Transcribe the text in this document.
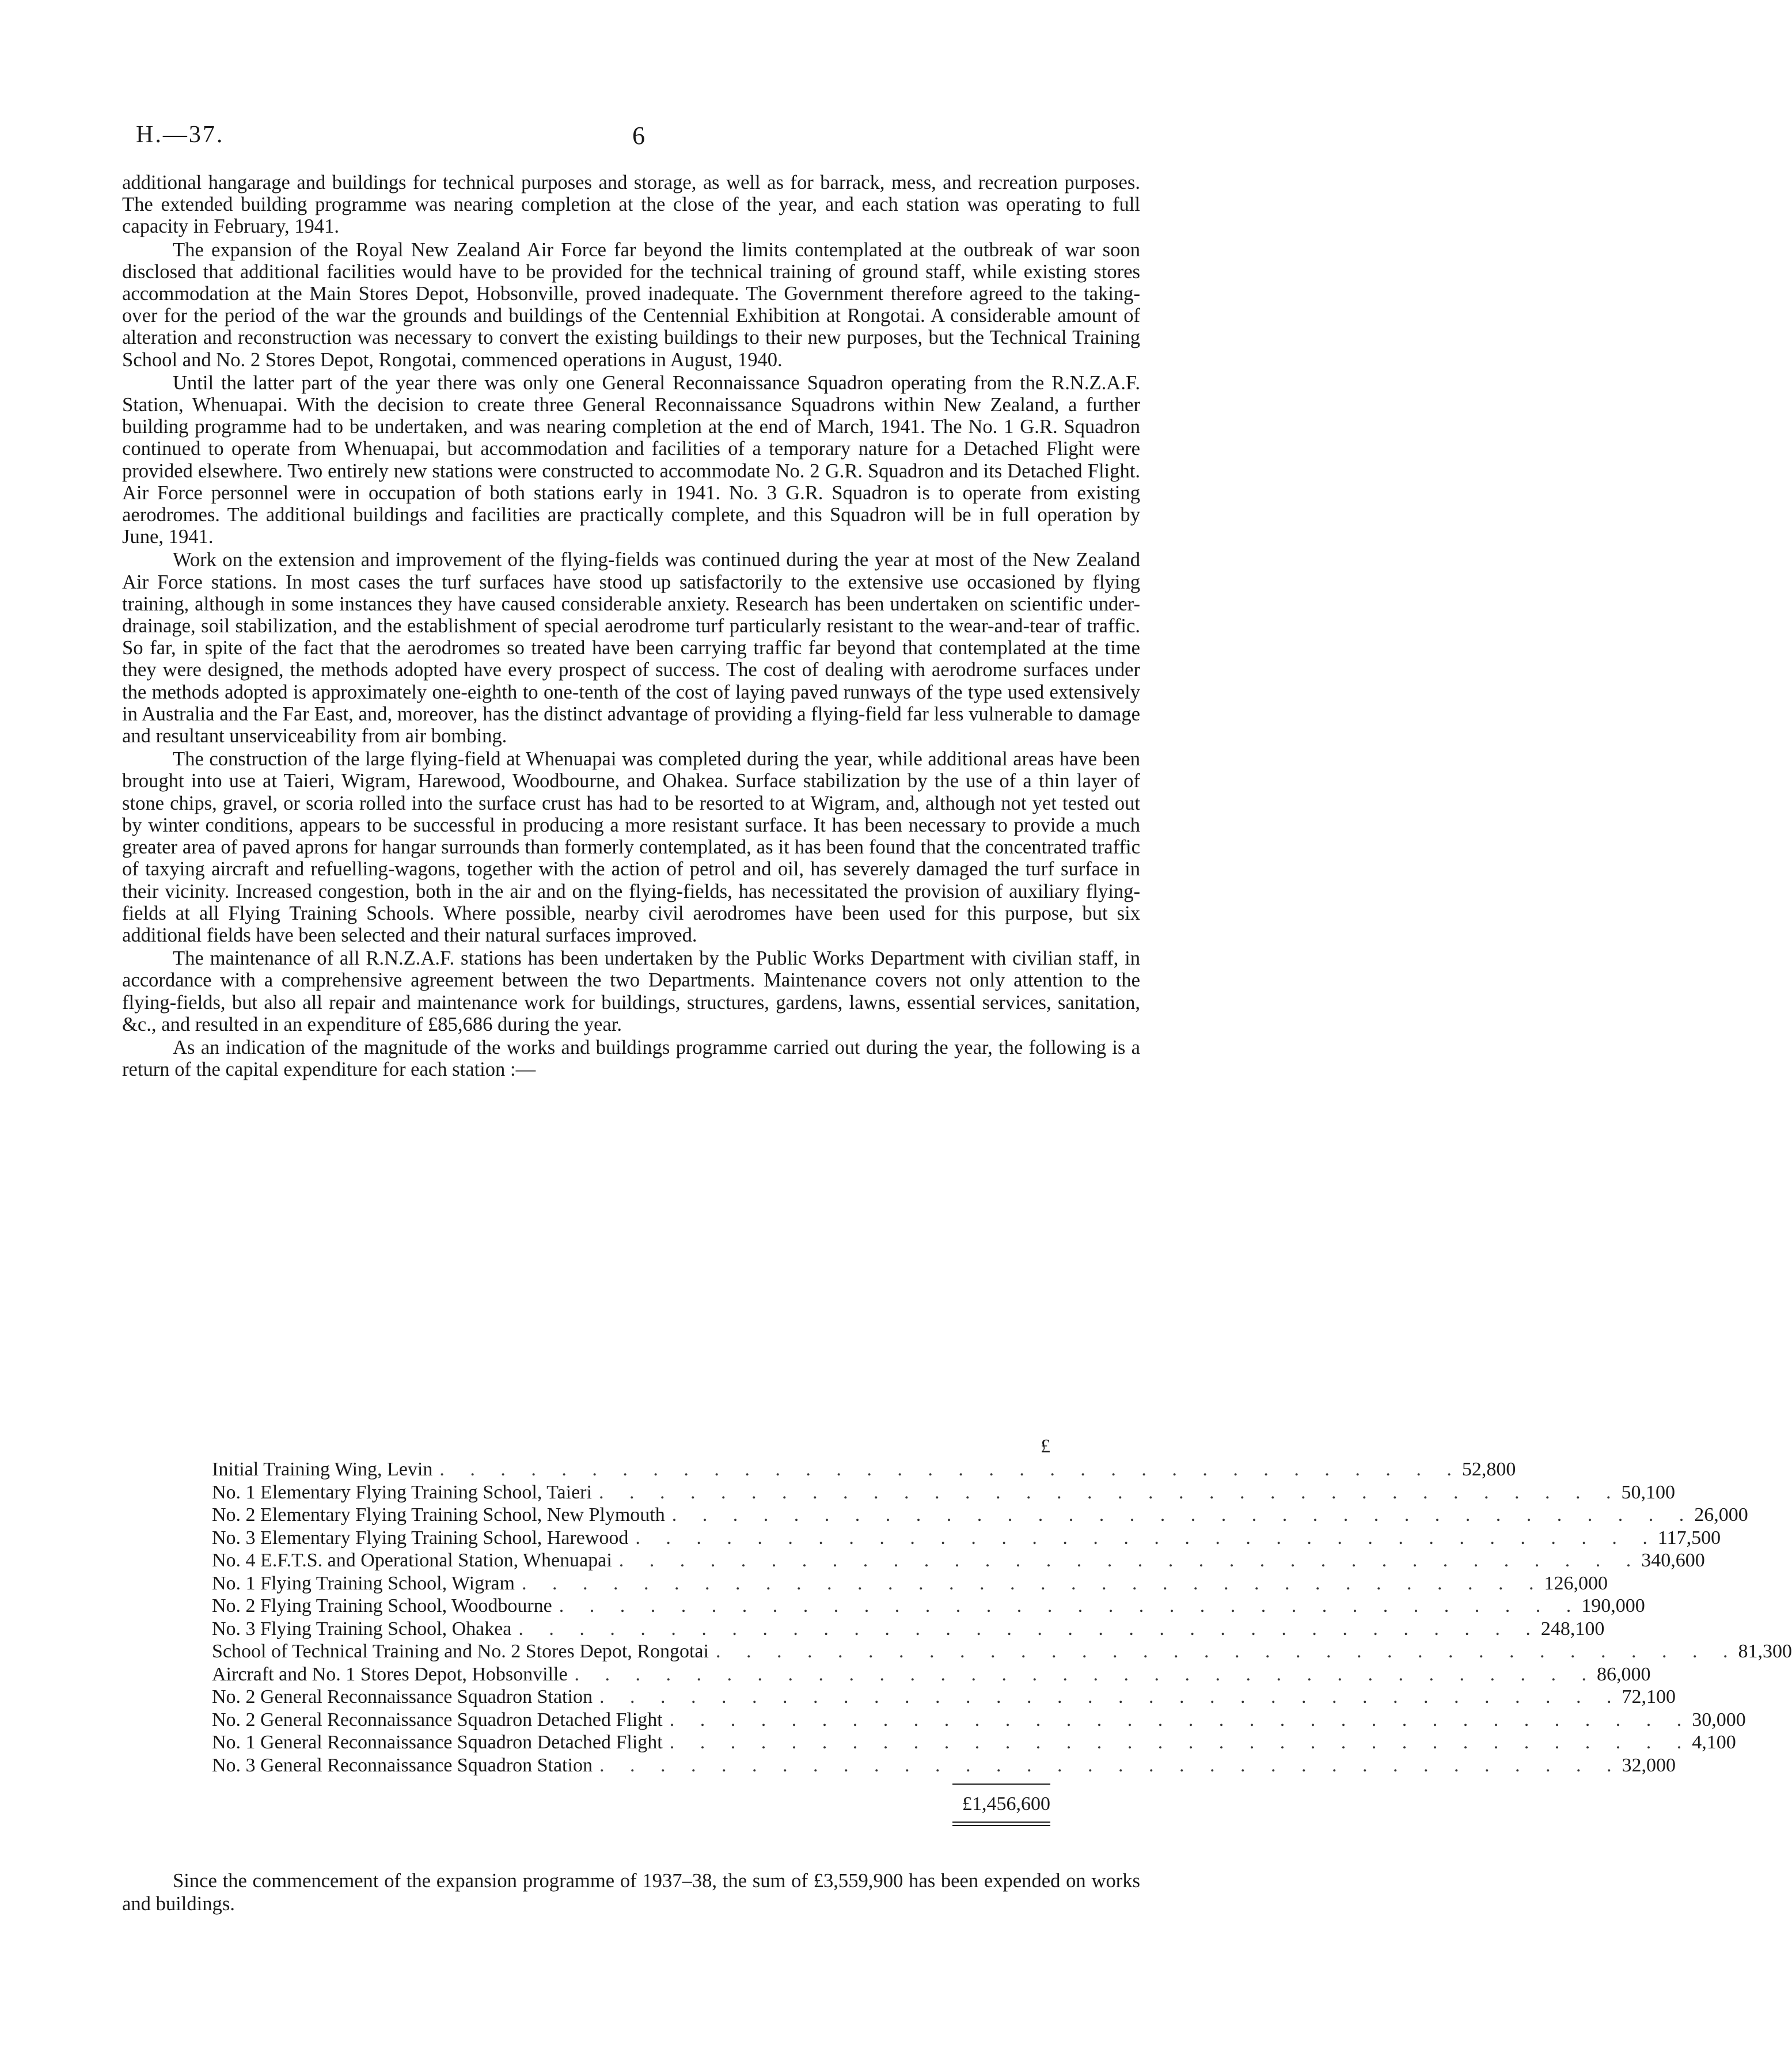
H.—37.	6

additional hangarage and buildings for technical purposes and storage, as well as for barrack, mess, and recreation purposes. The extended building programme was nearing completion at the close of the year, and each station was operating to full capacity in February, 1941.

The expansion of the Royal New Zealand Air Force far beyond the limits contemplated at the outbreak of war soon disclosed that additional facilities would have to be provided for the technical training of ground staff, while existing stores accommodation at the Main Stores Depot, Hobsonville, proved inadequate. The Government therefore agreed to the taking-over for the period of the war the grounds and buildings of the Centennial Exhibition at Rongotai. A considerable amount of alteration and reconstruction was necessary to convert the existing buildings to their new purposes, but the Technical Training School and No. 2 Stores Depot, Rongotai, commenced operations in August, 1940.

Until the latter part of the year there was only one General Reconnaissance Squadron operating from the R.N.Z.A.F. Station, Whenuapai. With the decision to create three General Reconnaissance Squadrons within New Zealand, a further building programme had to be undertaken, and was nearing completion at the end of March, 1941. The No. 1 G.R. Squadron continued to operate from Whenuapai, but accommodation and facilities of a temporary nature for a Detached Flight were provided elsewhere. Two entirely new stations were constructed to accommodate No. 2 G.R. Squadron and its Detached Flight. Air Force personnel were in occupation of both stations early in 1941. No. 3 G.R. Squadron is to operate from existing aerodromes. The additional buildings and facilities are practically complete, and this Squadron will be in full operation by June, 1941.

Work on the extension and improvement of the flying-fields was continued during the year at most of the New Zealand Air Force stations. In most cases the turf surfaces have stood up satisfactorily to the extensive use occasioned by flying training, although in some instances they have caused considerable anxiety. Research has been undertaken on scientific under-drainage, soil stabilization, and the establishment of special aerodrome turf particularly resistant to the wear-and-tear of traffic. So far, in spite of the fact that the aerodromes so treated have been carrying traffic far beyond that contemplated at the time they were designed, the methods adopted have every prospect of success. The cost of dealing with aerodrome surfaces under the methods adopted is approximately one-eighth to one-tenth of the cost of laying paved runways of the type used extensively in Australia and the Far East, and, moreover, has the distinct advantage of providing a flying-field far less vulnerable to damage and resultant unserviceability from air bombing.

The construction of the large flying-field at Whenuapai was completed during the year, while additional areas have been brought into use at Taieri, Wigram, Harewood, Woodbourne, and Ohakea. Surface stabilization by the use of a thin layer of stone chips, gravel, or scoria rolled into the surface crust has had to be resorted to at Wigram, and, although not yet tested out by winter conditions, appears to be successful in producing a more resistant surface. It has been necessary to provide a much greater area of paved aprons for hangar surrounds than formerly contemplated, as it has been found that the concentrated traffic of taxying aircraft and refuelling-wagons, together with the action of petrol and oil, has severely damaged the turf surface in their vicinity. Increased congestion, both in the air and on the flying-fields, has necessitated the provision of auxiliary flying-fields at all Flying Training Schools. Where possible, nearby civil aerodromes have been used for this purpose, but six additional fields have been selected and their natural surfaces improved.

The maintenance of all R.N.Z.A.F. stations has been undertaken by the Public Works Department with civilian staff, in accordance with a comprehensive agreement between the two Departments. Maintenance covers not only attention to the flying-fields, but also all repair and maintenance work for buildings, structures, gardens, lawns, essential services, sanitation, &c., and resulted in an expenditure of £85,686 during the year.

As an indication of the magnitude of the works and buildings programme carried out during the year, the following is a return of the capital expenditure for each station :—

£
Initial Training Wing, Levin . . . . . . . . . . . . . . . . . . . . . . . . . . . . . . . . . . 52,800
No. 1 Elementary Flying Training School, Taieri . . . . . . . . . . . . . . . . . . . . . . . . . . . . . . . . . . 50,100
No. 2 Elementary Flying Training School, New Plymouth . . . . . . . . . . . . . . . . . . . . . . . . . . . . . . . . . . 26,000
No. 3 Elementary Flying Training School, Harewood . . . . . . . . . . . . . . . . . . . . . . . . . . . . . . . . . . 117,500
No. 4 E.F.T.S. and Operational Station, Whenuapai . . . . . . . . . . . . . . . . . . . . . . . . . . . . . . . . . . 340,600
No. 1 Flying Training School, Wigram . . . . . . . . . . . . . . . . . . . . . . . . . . . . . . . . . . 126,000
No. 2 Flying Training School, Woodbourne . . . . . . . . . . . . . . . . . . . . . . . . . . . . . . . . . . 190,000
No. 3 Flying Training School, Ohakea . . . . . . . . . . . . . . . . . . . . . . . . . . . . . . . . . . 248,100
School of Technical Training and No. 2 Stores Depot, Rongotai . . . . . . . . . . . . . . . . . . . . . . . . . . . . . . . . . . 81,300
Aircraft and No. 1 Stores Depot, Hobsonville . . . . . . . . . . . . . . . . . . . . . . . . . . . . . . . . . . 86,000
No. 2 General Reconnaissance Squadron Station . . . . . . . . . . . . . . . . . . . . . . . . . . . . . . . . . . 72,100
No. 2 General Reconnaissance Squadron Detached Flight . . . . . . . . . . . . . . . . . . . . . . . . . . . . . . . . . . 30,000
No. 1 General Reconnaissance Squadron Detached Flight . . . . . . . . . . . . . . . . . . . . . . . . . . . . . . . . . . 4,100
No. 3 General Reconnaissance Squadron Station . . . . . . . . . . . . . . . . . . . . . . . . . . . . . . . . . . 32,000
£1,456,600

Since the commencement of the expansion programme of 1937–38, the sum of £3,559,900 has been expended on works and buildings.
